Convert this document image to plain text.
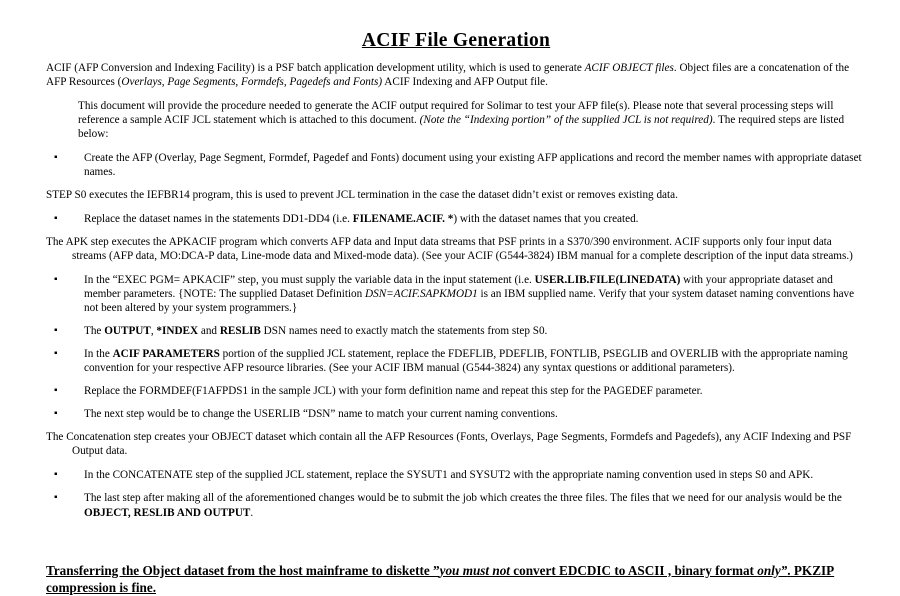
ACIF File Generation

ACIF (AFP Conversion and Indexing Facility) is a PSF batch application development utility, which is used to generate ACIF OBJECT files. Object files are a concatenation of the AFP Resources (Overlays, Page Segments, Formdefs, Pagedefs and Fonts) ACIF Indexing and AFP Output file.

This document will provide the procedure needed to generate the ACIF output required for Solimar to test your AFP file(s). Please note that several processing steps will reference a sample ACIF JCL statement which is attached to this document. (Note the “Indexing portion” of the supplied JCL is not required). The required steps are listed below:

▪	Create the AFP (Overlay, Page Segment, Formdef, Pagedef and Fonts) document using your existing AFP applications and record the member names with appropriate dataset names.

STEP S0 executes the IEFBR14 program, this is used to prevent JCL termination in the case the dataset didn’t exist or removes existing data.

▪	Replace the dataset names in the statements DD1-DD4 (i.e. FILENAME.ACIF. *) with the dataset names that you created.

The APK step executes the APKACIF program which converts AFP data and Input data streams that PSF prints in a S370/390 environment. ACIF supports only four input data streams (AFP data, MO:DCA-P data, Line-mode data and Mixed-mode data). (See your ACIF (G544-3824) IBM manual for a complete description of the input data streams.)

▪	In the “EXEC PGM= APKACIF” step, you must supply the variable data in the input statement (i.e. USER.LIB.FILE(LINEDATA) with your appropriate dataset and member parameters. {NOTE: The supplied Dataset Definition DSN=ACIF.SAPKMOD1 is an IBM supplied name. Verify that your system dataset naming conventions have not been altered by your system programmers.}
▪	The OUTPUT, *INDEX and RESLIB DSN names need to exactly match the statements from step S0.
▪	In the ACIF PARAMETERS portion of the supplied JCL statement, replace the FDEFLIB, PDEFLIB, FONTLIB, PSEGLIB and OVERLIB with the appropriate naming convention for your respective AFP resource libraries. (See your ACIF IBM manual (G544-3824) any syntax questions or additional parameters).
▪	Replace the FORMDEF(F1AFPDS1 in the sample JCL) with your form definition name and repeat this step for the PAGEDEF parameter.
▪	The next step would be to change the USERLIB “DSN” name to match your current naming conventions.

The Concatenation step creates your OBJECT dataset which contain all the AFP Resources (Fonts, Overlays, Page Segments, Formdefs and Pagedefs), any ACIF Indexing and PSF Output data.

▪	In the CONCATENATE step of the supplied JCL statement, replace the SYSUT1 and SYSUT2 with the appropriate naming convention used in steps S0 and APK.
▪	The last step after making all of the aforementioned changes would be to submit the job which creates the three files. The files that we need for our analysis would be the OBJECT, RESLIB AND OUTPUT.
Transferring the Object dataset from the host mainframe to diskette ”you must not convert EDCDIC to ASCII , binary format only”. PKZIP compression is fine.
